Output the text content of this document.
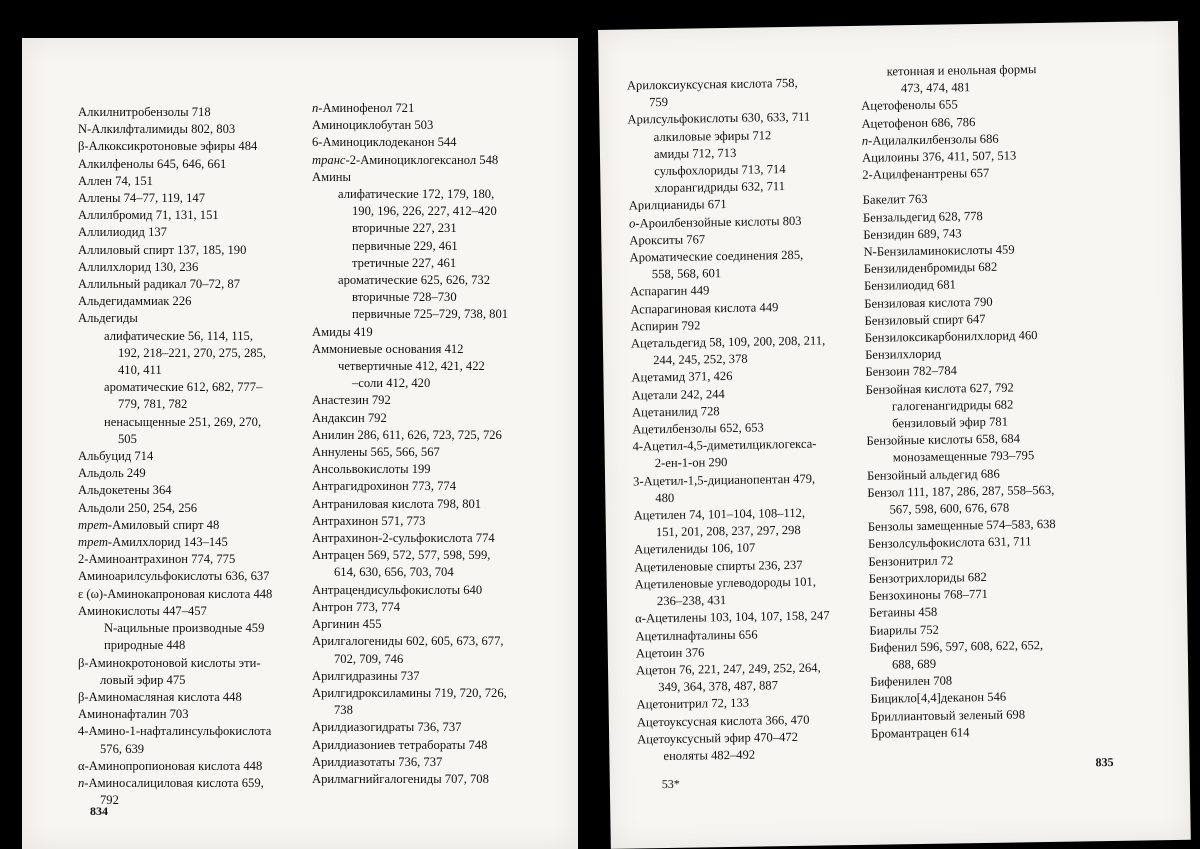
Алкилнитробензолы 718
N-Алкилфталимиды 802, 803
β-Алкоксикротоновые эфиры 484
Алкилфенолы 645, 646, 661
Аллен 74, 151
Аллены 74–77, 119, 147
Аллилбромид 71, 131, 151
Аллилиодид 137
Аллиловый спирт 137, 185, 190
Аллилхлорид 130, 236
Аллильный радикал 70–72, 87
Альдегидаммиак 226
Альдегиды
алифатические 56, 114, 115,
192, 218–221, 270, 275, 285,
410, 411
ароматические 612, 682, 777–
779, 781, 782
ненасыщенные 251, 269, 270,
505
Альбуцид 714
Альдоль 249
Альдокетены 364
Альдоли 250, 254, 256
трет-Амиловый спирт 48
трет-Амилхлорид 143–145
2-Аминоантрахинон 774, 775
Аминоарилсульфокислоты 636, 637
ε (ω)-Аминокапроновая кислота 448
Аминокислоты 447–457
N-ацильные производные 459
природные 448
β-Аминокротоновой кислоты эти-
ловый эфир 475
β-Аминомасляная кислота 448
Аминонафталин 703
4-Амино-1-нафталинсульфокислота
576, 639
α-Аминопропионовая кислота 448
n-Аминосалициловая кислота 659,
792
n-Аминофенол 721
Аминоциклобутан 503
6-Аминоциклодеканон 544
транс-2-Аминоциклогексанол 548
Амины
алифатические 172, 179, 180,
190, 196, 226, 227, 412–420
вторичные 227, 231
первичные 229, 461
третичные 227, 461
ароматические 625, 626, 732
вторичные 728–730
первичные 725–729, 738, 801
Амиды 419
Аммониевые основания 412
четвертичные 412, 421, 422
–соли 412, 420
Анастезин 792
Андаксин 792
Анилин 286, 611, 626, 723, 725, 726
Аннулены 565, 566, 567
Ансольвокислоты 199
Антрагидрохинон 773, 774
Антраниловая кислота 798, 801
Антрахинон 571, 773
Антрахинон-2-сульфокислота 774
Антрацен 569, 572, 577, 598, 599,
614, 630, 656, 703, 704
Антрацендисульфокислоты 640
Антрон 773, 774
Аргинин 455
Арилгалогениды 602, 605, 673, 677,
702, 709, 746
Арилгидразины 737
Арилгидроксиламины 719, 720, 726,
738
Арилдиазогидраты 736, 737
Арилдиазониев тетрабораты 748
Арилдиазотаты 736, 737
Арилмагнийгалогениды 707, 708
834
Арилоксиуксусная кислота 758,
759
Арилсульфокислоты 630, 633, 711
алкиловые эфиры 712
амиды 712, 713
сульфохлориды 713, 714
хлорангидриды 632, 711
Арилцианиды 671
о-Ароилбензойные кислоты 803
Арокситы 767
Ароматические соединения 285,
558, 568, 601
Аспарагин 449
Аспарагиновая кислота 449
Аспирин 792
Ацетальдегид 58, 109, 200, 208, 211,
244, 245, 252, 378
Ацетамид 371, 426
Ацетали 242, 244
Ацетанилид 728
Ацетилбензолы 652, 653
4-Ацетил-4,5-диметилциклогекса-
2-ен-1-он 290
3-Ацетил-1,5-дицианопентан 479,
480
Ацетилен 74, 101–104, 108–112,
151, 201, 208, 237, 297, 298
Ацетилениды 106, 107
Ацетиленовые спирты 236, 237
Ацетиленовые углеводороды 101,
236–238, 431
α-Ацетилены 103, 104, 107, 158, 247
Ацетилнафталины 656
Ацетоин 376
Ацетон 76, 221, 247, 249, 252, 264,
349, 364, 378, 487, 887
Ацетонитрил 72, 133
Ацетоуксусная кислота 366, 470
Ацетоуксусный эфир 470–472
еноляты 482–492
кетонная и енольная формы
473, 474, 481
Ацетофенолы 655
Ацетофенон 686, 786
n-Ацилалкилбензолы 686
Ацилоины 376, 411, 507, 513
2-Ацилфенантрены 657
Бакелит 763
Бензальдегид 628, 778
Бензидин 689, 743
N-Бензиламинокислоты 459
Бензилиденбромиды 682
Бензилиодид 681
Бензиловая кислота 790
Бензиловый спирт 647
Бензилоксикарбонилхлорид 460
Бензилхлорид
Бензоин 782–784
Бензойная кислота 627, 792
галогенангидриды 682
бензиловый эфир 781
Бензойные кислоты 658, 684
монозамещенные 793–795
Бензойный альдегид 686
Бензол 111, 187, 286, 287, 558–563,
567, 598, 600, 676, 678
Бензолы замещенные 574–583, 638
Бензолсульфокислота 631, 711
Бензонитрил 72
Бензотрихлориды 682
Бензохиноны 768–771
Бетаины 458
Биарилы 752
Бифенил 596, 597, 608, 622, 652,
688, 689
Бифенилен 708
Бицикло[4,4]деканон 546
Бриллиантовый зеленый 698
Бромантрацен 614
53*
835
